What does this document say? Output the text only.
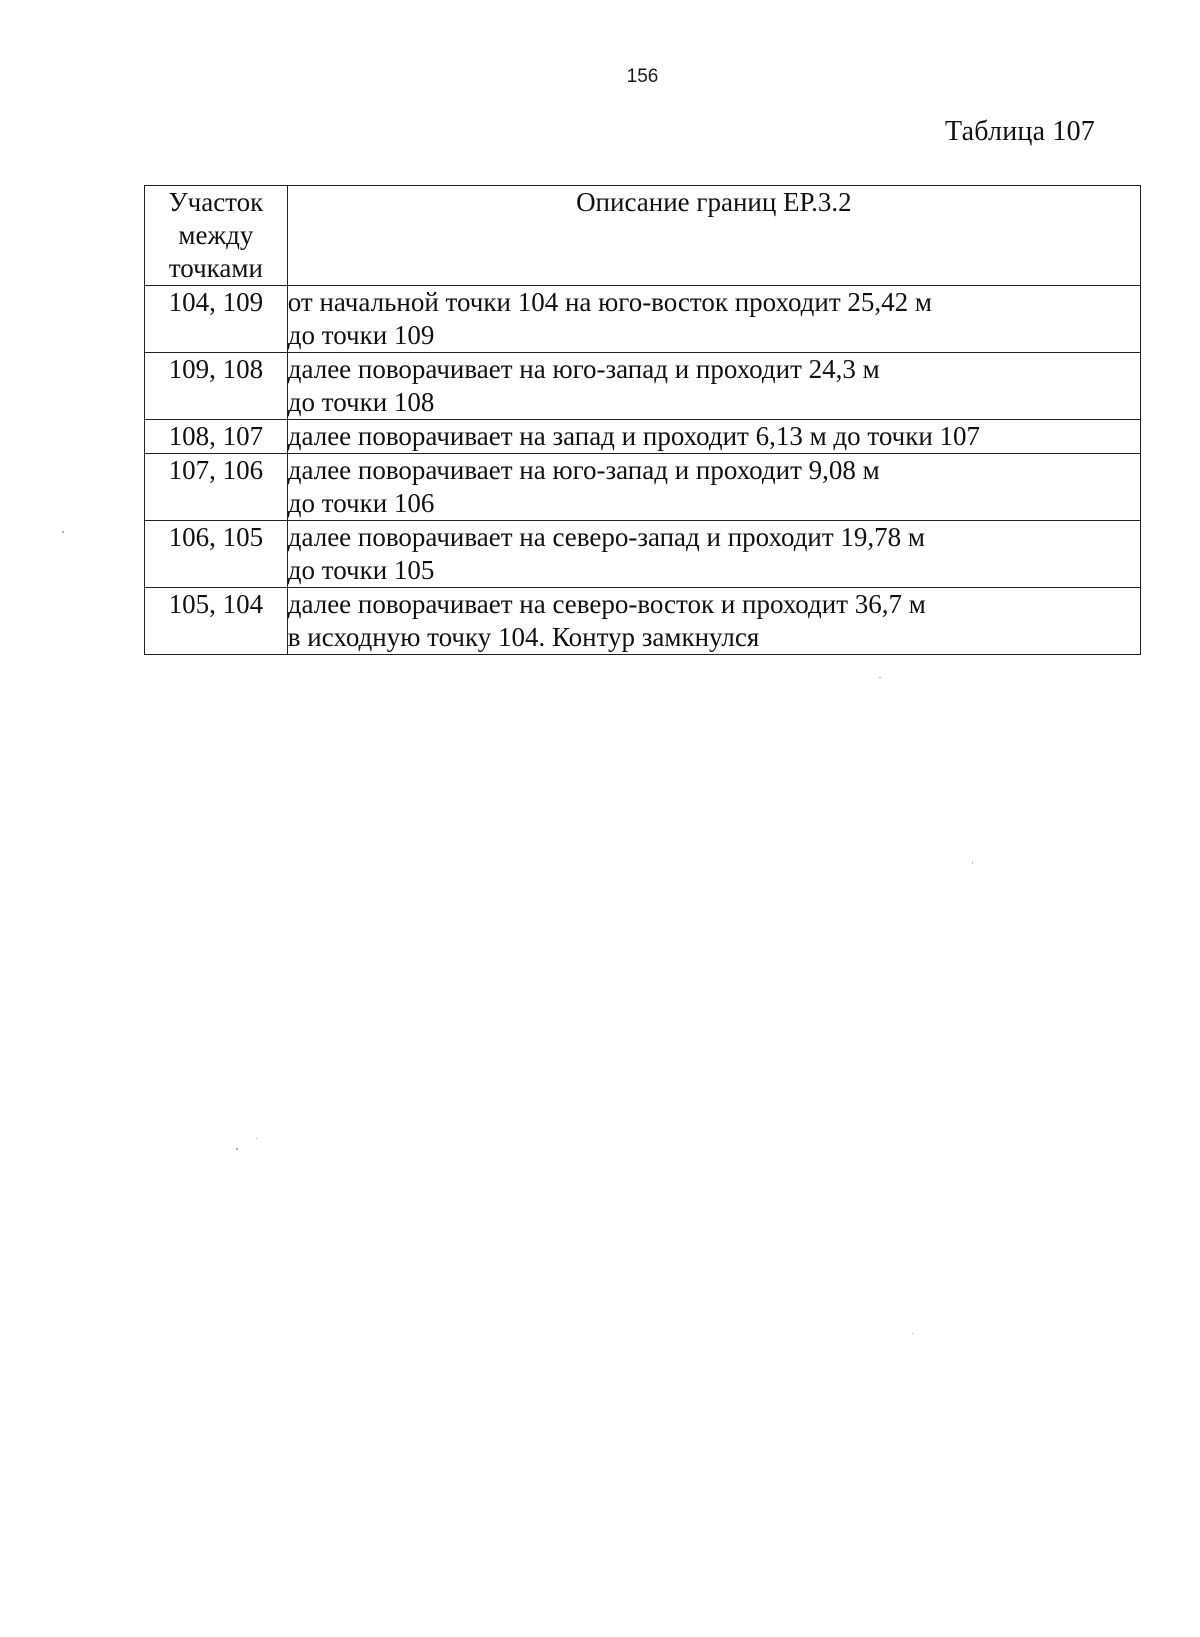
156
Таблица 107
Участок
между
точками	Описание границ ЕР.3.2
104, 109	от начальной точки 104 на юго-восток проходит 25,42 м
до точки 109

109, 108	далее поворачивает на юго-запад и проходит 24,3 м
до точки 108

108, 107	далее поворачивает на запад и проходит 6,13 м до точки 107

107, 106	далее поворачивает на юго-запад и проходит 9,08 м
до точки 106

106, 105	далее поворачивает на северо-запад и проходит 19,78 м
до точки 105

105, 104	далее поворачивает на северо-восток и проходит 36,7 м
в исходную точку 104. Контур замкнулся
